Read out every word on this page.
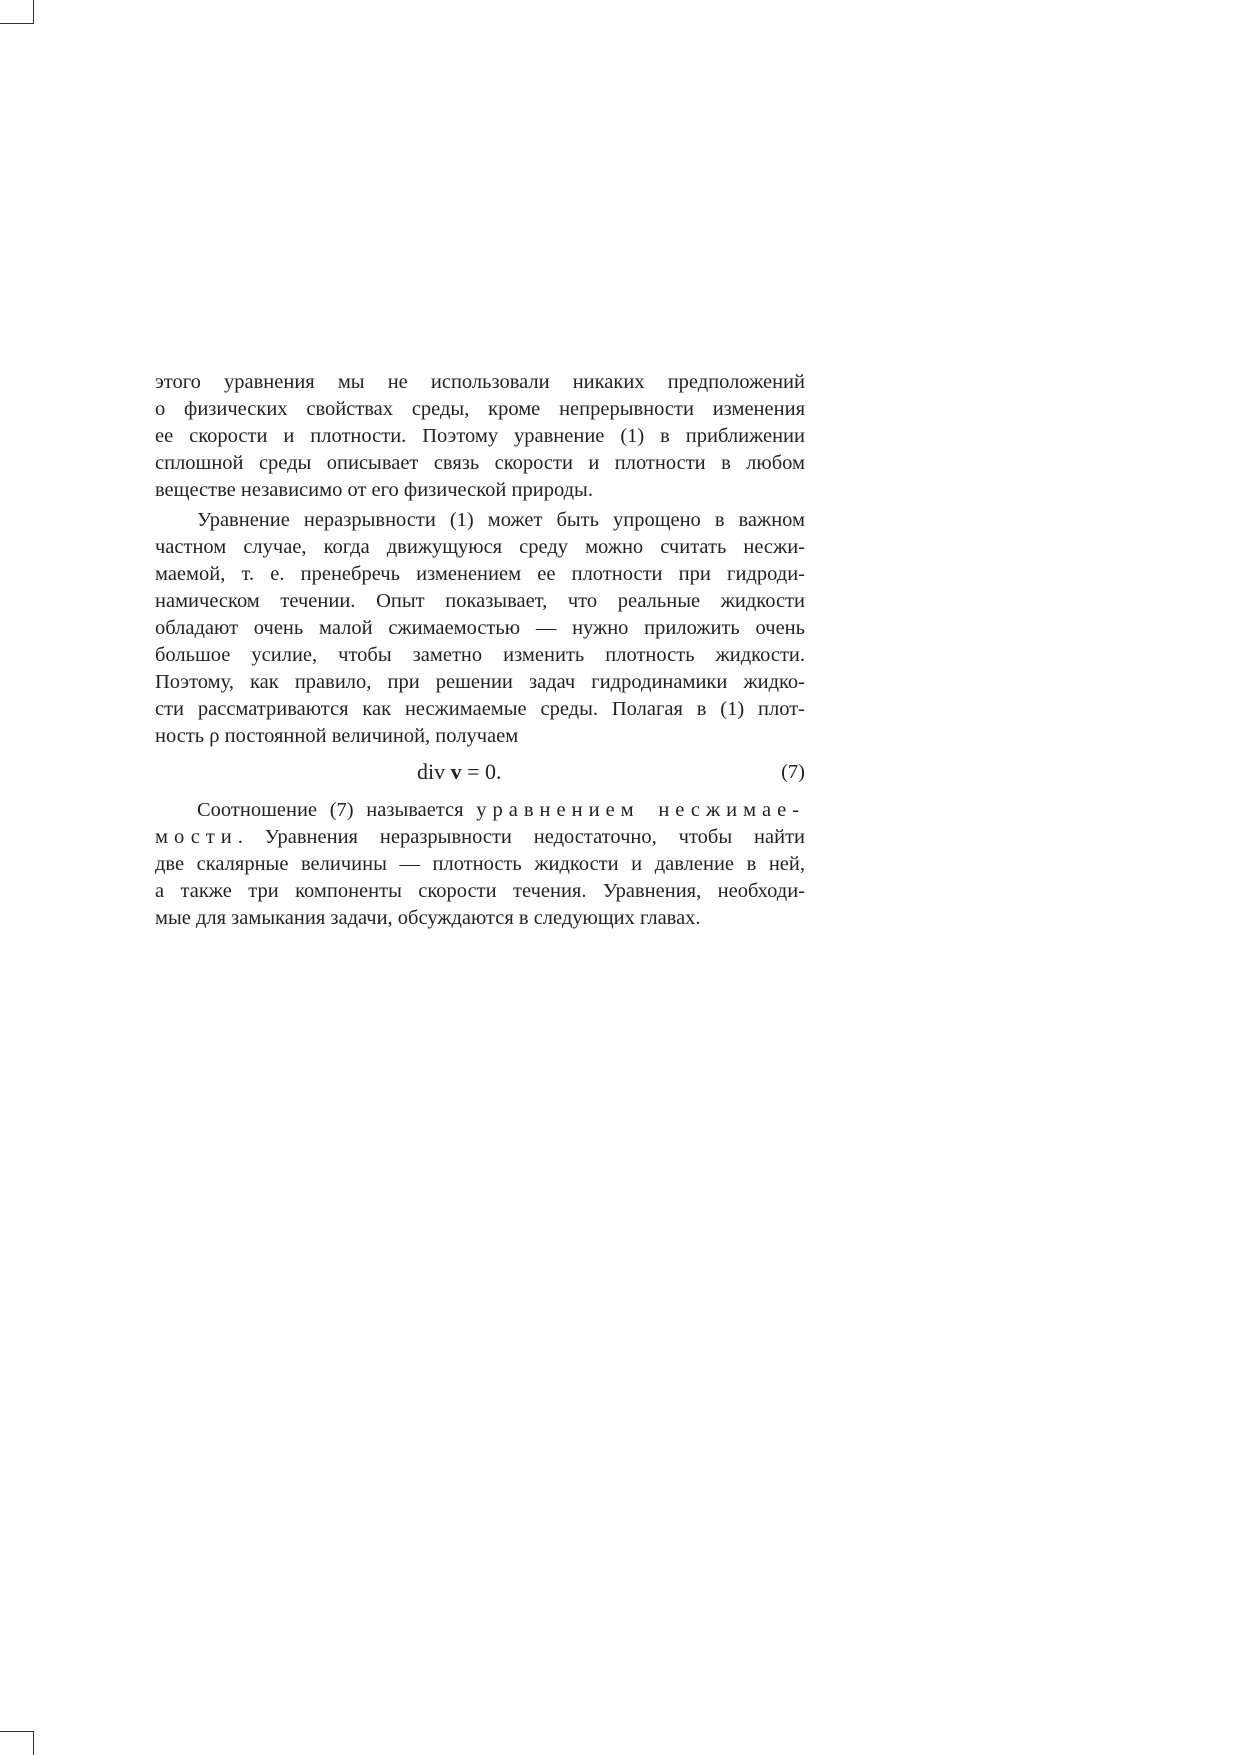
этого уравнения мы не использовали никаких предположений
о физических свойствах среды, кроме непрерывности изменения
ее скорости и плотности. Поэтому уравнение (1) в приближении
сплошной среды описывает связь скорости и плотности в любом
веществе независимо от его физической природы.
Уравнение неразрывности (1) может быть упрощено в важном
частном случае, когда движущуюся среду можно считать несжи-
маемой, т. е. пренебречь изменением ее плотности при гидроди-
намическом течении. Опыт показывает, что реальные жидкости
обладают очень малой сжимаемостью — нужно приложить очень
большое усилие, чтобы заметно изменить плотность жидкости.
Поэтому, как правило, при решении задач гидродинамики жидко-
сти рассматриваются как несжимаемые среды. Полагая в (1) плот-
ность ρ постоянной величиной, получаем
div v = 0.	(7)
Соотношение (7) называется уравнением несжимае-
мости. Уравнения неразрывности недостаточно, чтобы найти
две скалярные величины — плотность жидкости и давление в ней,
а также три компоненты скорости течения. Уравнения, необходи-
мые для замыкания задачи, обсуждаются в следующих главах.
